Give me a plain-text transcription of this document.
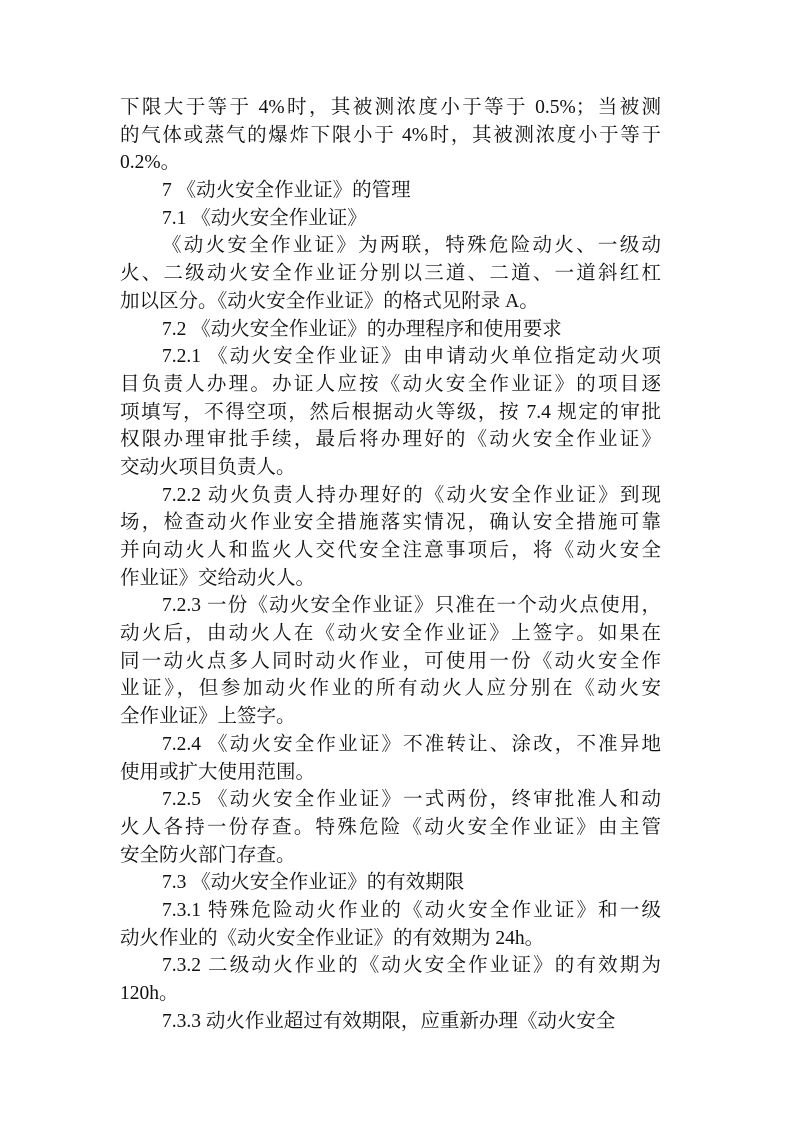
下限大于等于 4%时，其被测浓度小于等于 0.5%；当被测
的气体或蒸气的爆炸下限小于 4%时，其被测浓度小于等于
0.2%。
7 《动火安全作业证》的管理
7.1 《动火安全作业证》
《动火安全作业证》为两联，特殊危险动火、一级动
火、二级动火安全作业证分别以三道、二道、一道斜红杠
加以区分。《动火安全作业证》的格式见附录 A。
7.2 《动火安全作业证》的办理程序和使用要求
7.2.1 《动火安全作业证》由申请动火单位指定动火项
目负责人办理。办证人应按《动火安全作业证》的项目逐
项填写，不得空项，然后根据动火等级，按 7.4 规定的审批
权限办理审批手续，最后将办理好的《动火安全作业证》
交动火项目负责人。
7.2.2 动火负责人持办理好的《动火安全作业证》到现
场，检查动火作业安全措施落实情况，确认安全措施可靠
并向动火人和监火人交代安全注意事项后，将《动火安全
作业证》交给动火人。
7.2.3 一份《动火安全作业证》只准在一个动火点使用，
动火后，由动火人在《动火安全作业证》上签字。如果在
同一动火点多人同时动火作业，可使用一份《动火安全作
业证》，但参加动火作业的所有动火人应分别在《动火安
全作业证》上签字。
7.2.4 《动火安全作业证》不准转让、涂改，不准异地
使用或扩大使用范围。
7.2.5 《动火安全作业证》一式两份，终审批准人和动
火人各持一份存查。特殊危险《动火安全作业证》由主管
安全防火部门存查。
7.3 《动火安全作业证》的有效期限
7.3.1 特殊危险动火作业的《动火安全作业证》和一级
动火作业的《动火安全作业证》的有效期为 24h。
7.3.2 二级动火作业的《动火安全作业证》的有效期为
120h。
7.3.3 动火作业超过有效期限，应重新办理《动火安全
